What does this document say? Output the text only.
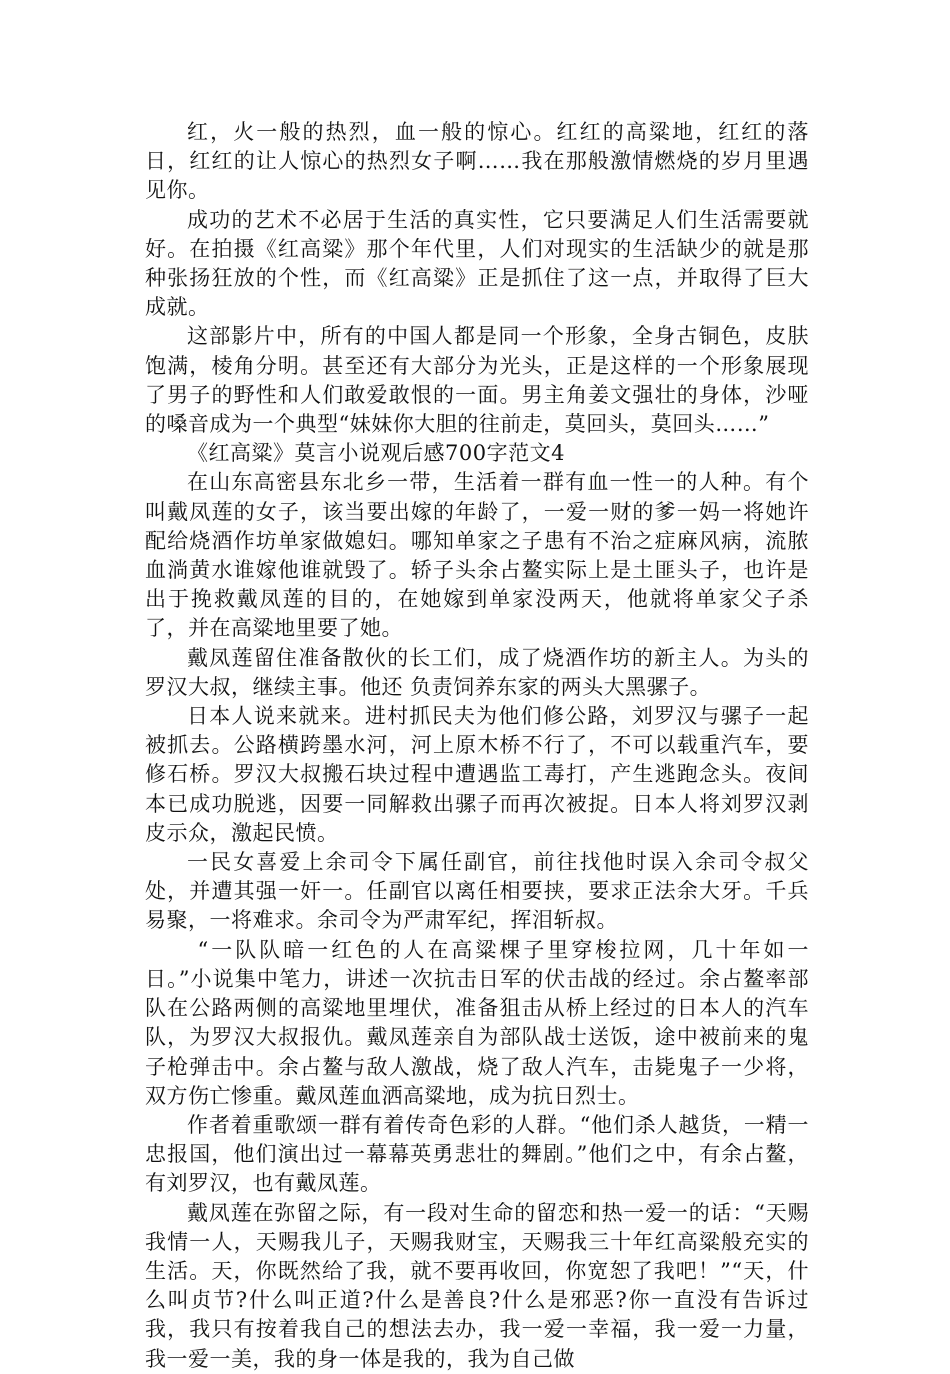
红，火一般的热烈，血一般的惊心。红红的高粱地，红红的落日，红红的让人惊心的热烈女子啊……我在那般激情燃烧的岁月里遇见你。

成功的艺术不必居于生活的真实性，它只要满足人们生活需要就好。在拍摄《红高粱》那个年代里，人们对现实的生活缺少的就是那种张扬狂放的个性，而《红高粱》正是抓住了这一点，并取得了巨大成就。

这部影片中，所有的中国人都是同一个形象，全身古铜色，皮肤饱满，棱角分明。甚至还有大部分为光头，正是这样的一个形象展现了男子的野性和人们敢爱敢恨的一面。男主角姜文强壮的身体，沙哑的嗓音成为一个典型“妹妹你大胆的往前走，莫回头，莫回头……”

《红高粱》莫言小说观后感700字范文4

在山东高密县东北乡一带，生活着一群有血一性一的人种。有个叫戴凤莲的女子，该当要出嫁的年龄了，一爱一财的爹一妈一将她许配给烧酒作坊单家做媳妇。哪知单家之子患有不治之症麻风病，流脓血淌黄水谁嫁他谁就毁了。轿子头余占鳌实际上是土匪头子，也许是出于挽救戴凤莲的目的，在她嫁到单家没两天，他就将单家父子杀了，并在高粱地里要了她。

戴凤莲留住准备散伙的长工们，成了烧酒作坊的新主人。为头的罗汉大叔，继续主事。他还 负责饲养东家的两头大黑骡子。

日本人说来就来。进村抓民夫为他们修公路，刘罗汉与骡子一起被抓去。公路横跨墨水河，河上原木桥不行了，不可以载重汽车，要修石桥。罗汉大叔搬石块过程中遭遇监工毒打，产生逃跑念头。夜间本已成功脱逃，因要一同解救出骡子而再次被捉。日本人将刘罗汉剥皮示众，激起民愤。

一民女喜爱上余司令下属任副官，前往找他时误入余司令叔父处，并遭其强一奸一。任副官以离任相要挟，要求正法余大牙。千兵易聚，一将难求。余司令为严肃军纪，挥泪斩叔。

“一队队暗一红色的人在高粱棵子里穿梭拉网，几十年如一日。”小说集中笔力，讲述一次抗击日军的伏击战的经过。余占鳌率部队在公路两侧的高粱地里埋伏，准备狙击从桥上经过的日本人的汽车队，为罗汉大叔报仇。戴凤莲亲自为部队战士送饭，途中被前来的鬼子枪弹击中。余占鳌与敌人激战，烧了敌人汽车，击毙鬼子一少将，双方伤亡惨重。戴凤莲血洒高粱地，成为抗日烈士。

作者着重歌颂一群有着传奇色彩的人群。“他们杀人越货，一精一忠报国，他们演出过一幕幕英勇悲壮的舞剧。”他们之中，有余占鳌，有刘罗汉，也有戴凤莲。

戴凤莲在弥留之际，有一段对生命的留恋和热一爱一的话：“天赐我情一人，天赐我儿子，天赐我财宝，天赐我三十年红高粱般充实的生活。天，你既然给了我，就不要再收回，你宽恕了我吧！”“天，什么叫贞节?什么叫正道?什么是善良?什么是邪恶?你一直没有告诉过我，我只有按着我自己的想法去办，我一爱一幸福，我一爱一力量，我一爱一美，我的身一体是我的，我为自己做
